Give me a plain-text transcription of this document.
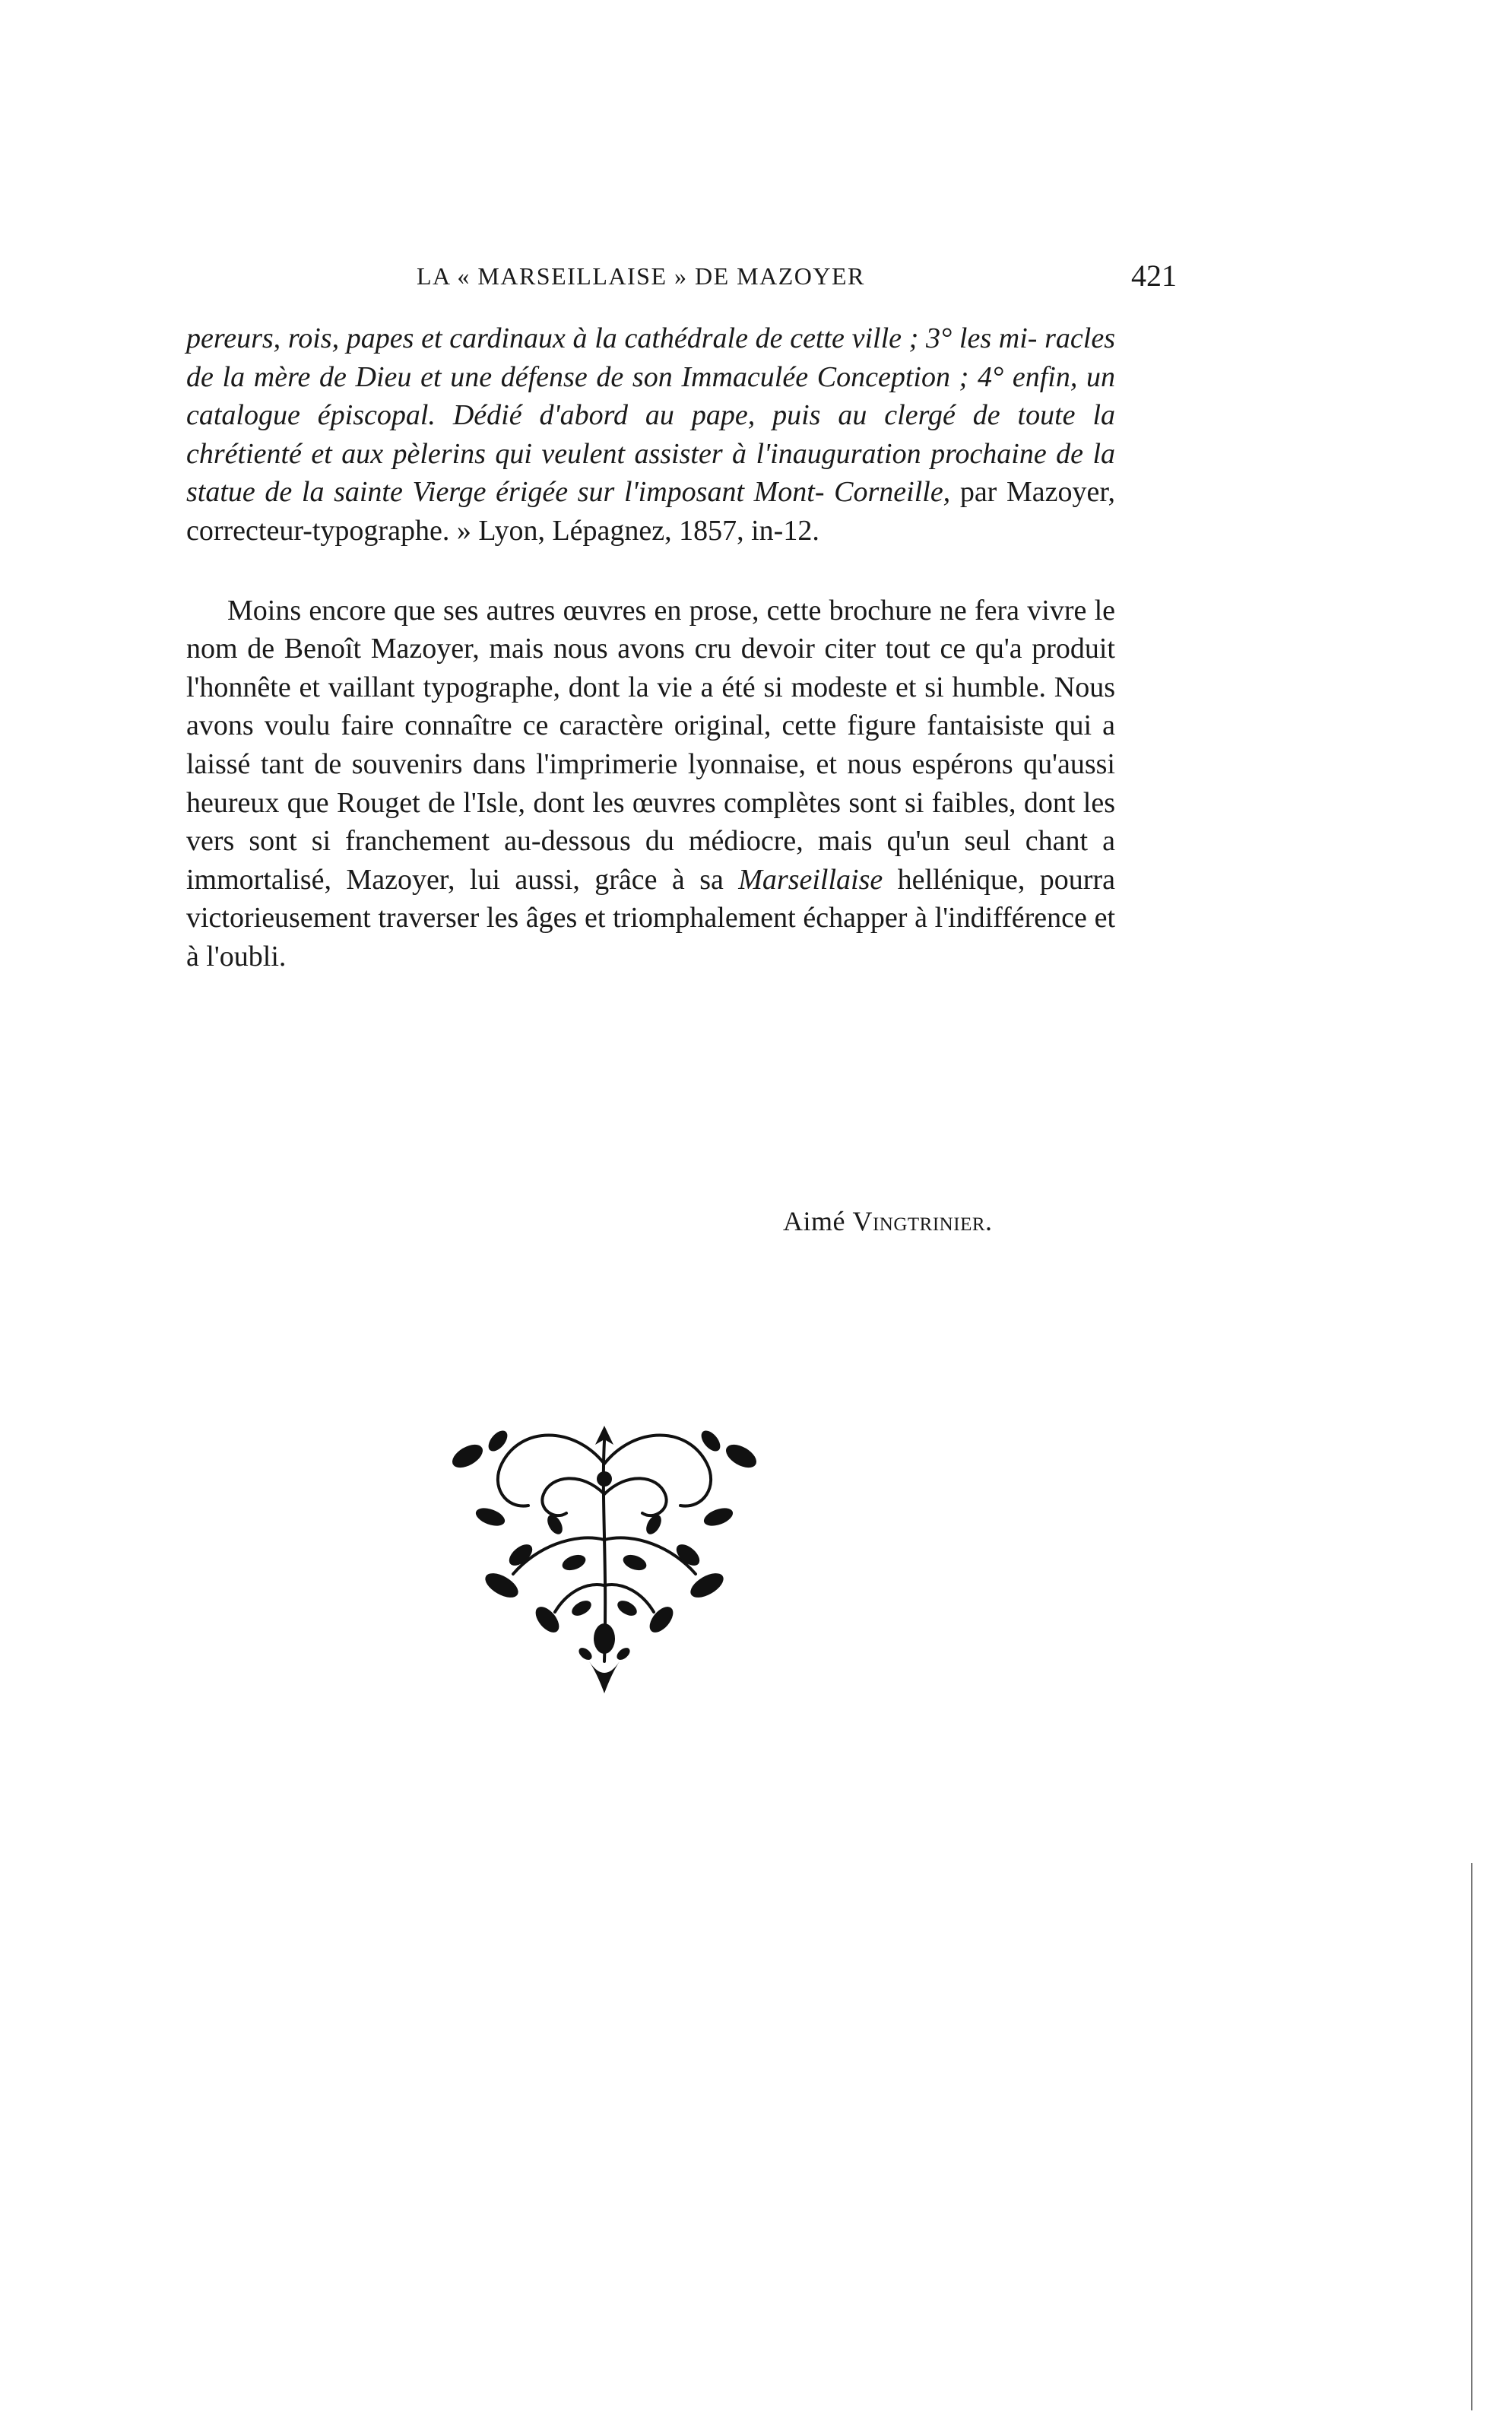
LA « MARSEILLAISE » DE MAZOYER	421
pereurs, rois, papes et cardinaux à la cathédrale de cette ville ; 3° les mi- racles de la mère de Dieu et une défense de son Immaculée Conception ; 4° enfin, un catalogue épiscopal. Dédié d'abord au pape, puis au clergé de toute la chrétienté et aux pèlerins qui veulent assister à l'inauguration prochaine de la statue de la sainte Vierge érigée sur l'imposant Mont- Corneille, par Mazoyer, correcteur-typographe. » Lyon, Lépagnez, 1857, in-12.

Moins encore que ses autres œuvres en prose, cette brochure ne fera vivre le nom de Benoît Mazoyer, mais nous avons cru devoir citer tout ce qu'a produit l'honnête et vaillant typographe, dont la vie a été si modeste et si humble. Nous avons voulu faire connaître ce caractère original, cette figure fantaisiste qui a laissé tant de souvenirs dans l'imprimerie lyonnaise, et nous espérons qu'aussi heureux que Rouget de l'Isle, dont les œuvres complètes sont si faibles, dont les vers sont si franchement au-dessous du médiocre, mais qu'un seul chant a immortalisé, Mazoyer, lui aussi, grâce à sa Marseillaise hellénique, pourra victorieusement traverser les âges et triomphalement échapper à l'indifférence et à l'oubli.

Aimé Vingtrinier.
